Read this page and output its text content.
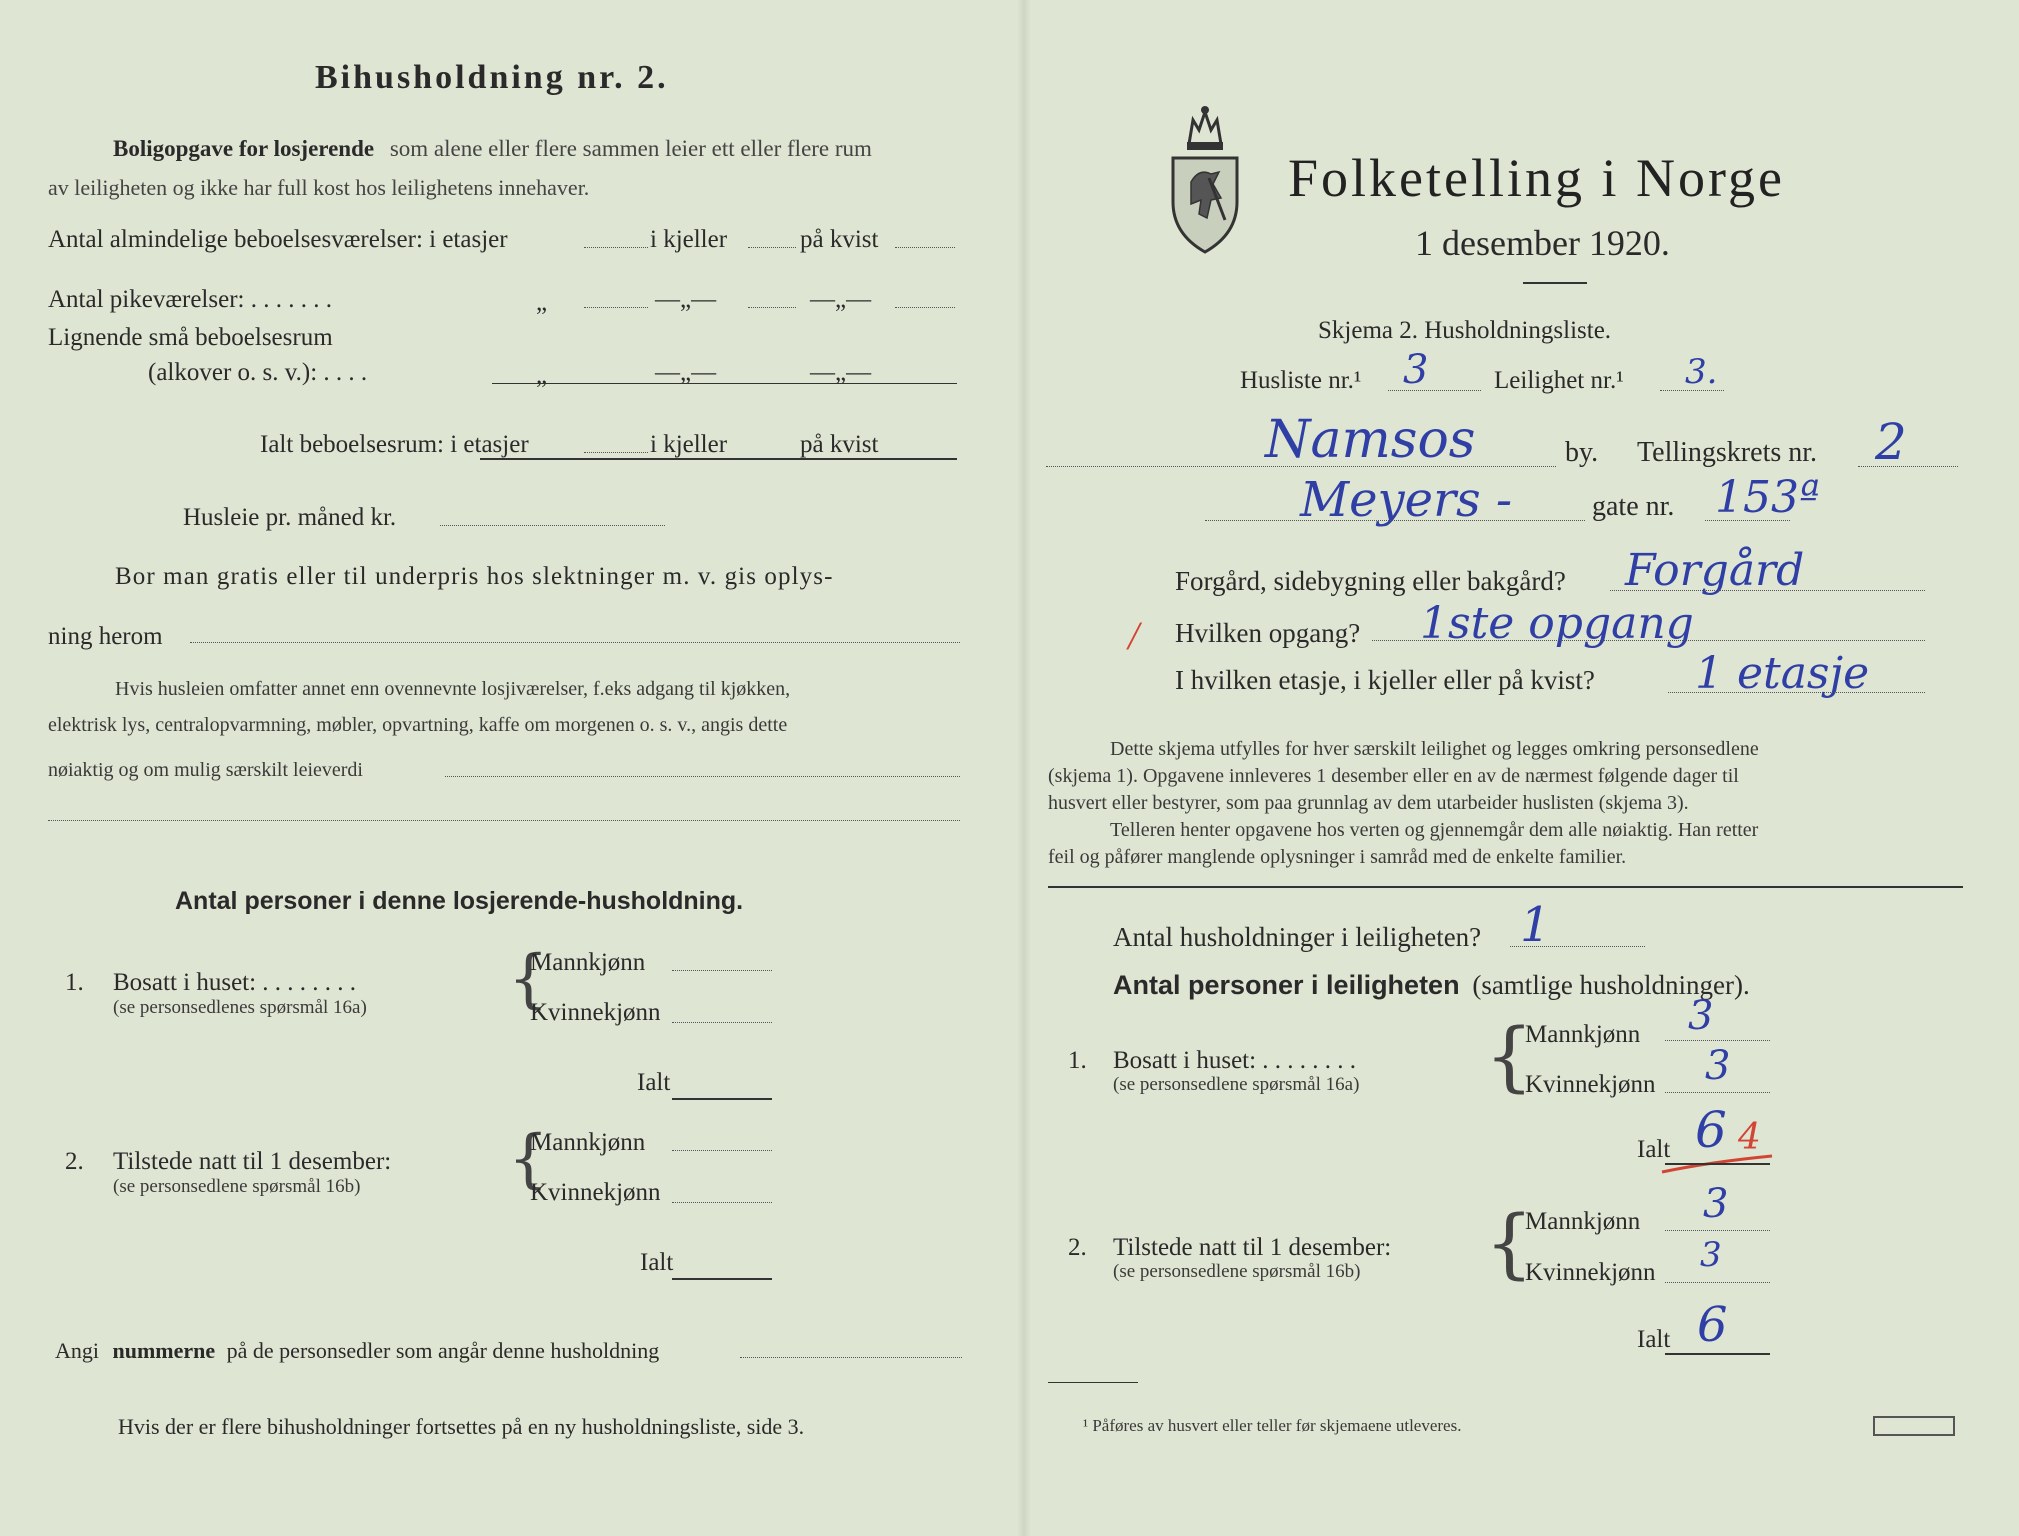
Bihusholdning nr. 2.
Boligopgave for losjerende som alene eller flere sammen leier ett eller flere rum
av leiligheten og ikke har full kost hos leilighetens innehaver.
Antal almindelige beboelsesværelser: i etasjer	i kjeller	på kvist
Antal pikeværelser: . . . . . . .	„	—„—	—„—
Lignende små beboelsesrum
(alkover o. s. v.): . . . .	„	—„—	—„—
Ialt beboelsesrum: i etasjer	i kjeller	på kvist
Husleie pr. måned kr.
Bor man gratis eller til underpris hos slektninger m. v. gis oplys-
ning herom
Hvis husleien omfatter annet enn ovennevnte losjiværelser, f.eks adgang til kjøkken,
elektrisk lys, centralopvarmning, møbler, opvartning, kaffe om morgenen o. s. v., angis dette
nøiaktig og om mulig særskilt leieverdi
Antal personer i denne losjerende-husholdning.
1. Bosatt i huset: . . . . . . . .
(se personsedlenes spørsmål 16a) {
Mannkjønn
Kvinnekjønn
Ialt
2. Tilstede natt til 1 desember:
(se personsedlene spørsmål 16b) {
Mannkjønn
Kvinnekjønn
Ialt
Angi nummerne på de personsedler som angår denne husholdning
Hvis der er flere bihusholdninger fortsettes på en ny husholdningsliste, side 3.
Folketelling i Norge
1 desember 1920.
Skjema 2. Husholdningsliste.
Husliste nr.¹ 3	Leilighet nr.¹ 3.
Namsos	by. Tellingskrets nr. 2
Meyers -	gate nr. 153ª
Forgård, sidebygning eller bakgård? Forgård
/ Hvilken opgang? 1ste opgang
I hvilken etasje, i kjeller eller på kvist? 1 etasje
Dette skjema utfylles for hver særskilt leilighet og legges omkring personsedlene
(skjema 1). Opgavene innleveres 1 desember eller en av de nærmest følgende dager til
husvert eller bestyrer, som paa grunnlag av dem utarbeider huslisten (skjema 3).
Telleren henter opgavene hos verten og gjennemgår dem alle nøiaktig. Han retter
feil og påfører manglende oplysninger i samråd med de enkelte familier.
Antal husholdninger i leiligheten? 1
Antal personer i leiligheten (samtlige husholdninger).
1. Bosatt i huset: . . . . . . . .
(se personsedlene spørsmål 16a) {
Mannkjønn 3
Kvinnekjønn 3
Ialt 6 4
2. Tilstede natt til 1 desember:
(se personsedlene spørsmål 16b) {
Mannkjønn 3
Kvinnekjønn 3
Ialt 6
¹ Påføres av husvert eller teller før skjemaene utleveres.
